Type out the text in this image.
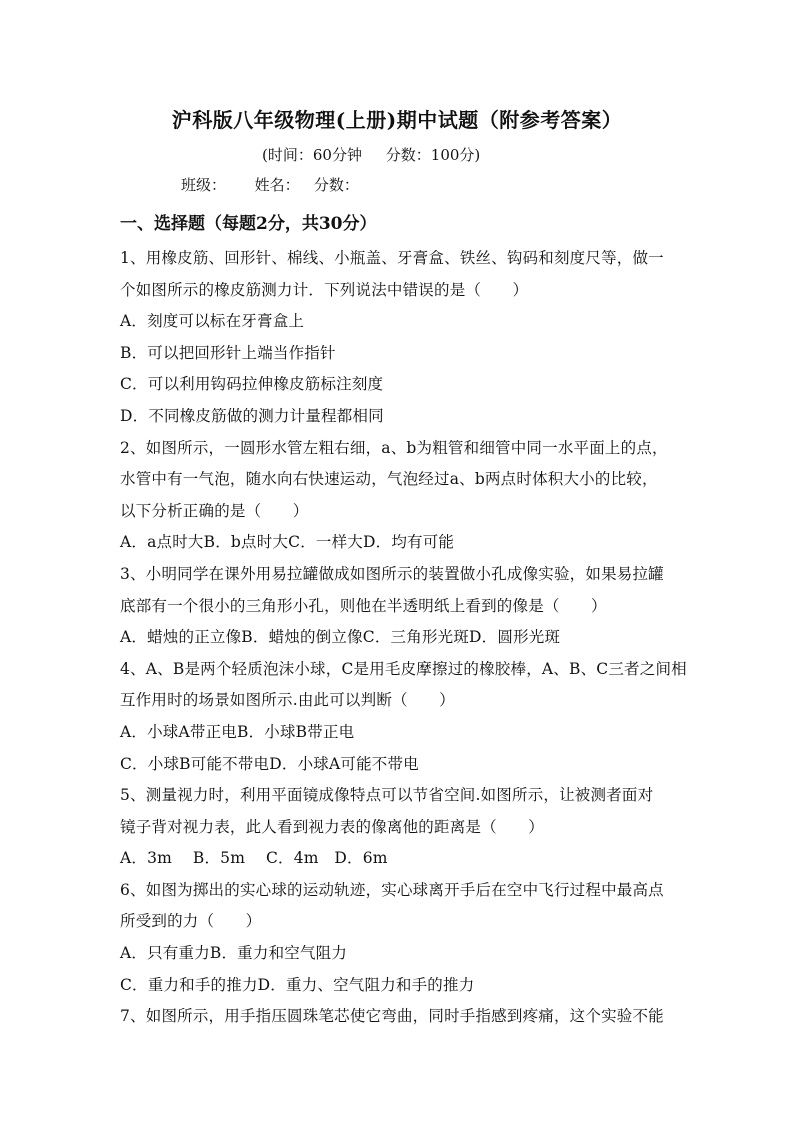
沪科版八年级物理(上册)期中试题（附参考答案）
(时间：60分钟     分数：100分)
班级：      姓名：   分数：
一、选择题（每题2分，共30分）
1、用橡皮筋、回形针、棉线、小瓶盖、牙膏盒、铁丝、钩码和刻度尺等，做一
个如图所示的橡皮筋测力计．下列说法中错误的是（　　）
A．刻度可以标在牙膏盒上
B．可以把回形针上端当作指针
C．可以利用钩码拉伸橡皮筋标注刻度
D．不同橡皮筋做的测力计量程都相同
2、如图所示，一圆形水管左粗右细，a、b为粗管和细管中同一水平面上的点，
水管中有一气泡，随水向右快速运动，气泡经过a、b两点时体积大小的比较，
以下分析正确的是（　　）
A．a点时大B．b点时大C．一样大D．均有可能
3、小明同学在课外用易拉罐做成如图所示的装置做小孔成像实验，如果易拉罐
底部有一个很小的三角形小孔，则他在半透明纸上看到的像是（　　）
A．蜡烛的正立像B．蜡烛的倒立像C．三角形光斑D．圆形光斑
4、A、B是两个轻质泡沫小球，C是用毛皮摩擦过的橡胶棒，A、B、C三者之间相
互作用时的场景如图所示.由此可以判断（　　）
A．小球A带正电B．小球B带正电
C．小球B可能不带电D．小球A可能不带电
5、测量视力时，利用平面镜成像特点可以节省空间.如图所示，让被测者面对
镜子背对视力表，此人看到视力表的像离他的距离是（　　）
A．3m　 B．5m　 C．4m　D．6m
6、如图为掷出的实心球的运动轨迹，实心球离开手后在空中飞行过程中最高点
所受到的力（　　）
A．只有重力B．重力和空气阻力
C．重力和手的推力D．重力、空气阻力和手的推力
7、如图所示，用手指压圆珠笔芯使它弯曲，同时手指感到疼痛，这个实验不能
